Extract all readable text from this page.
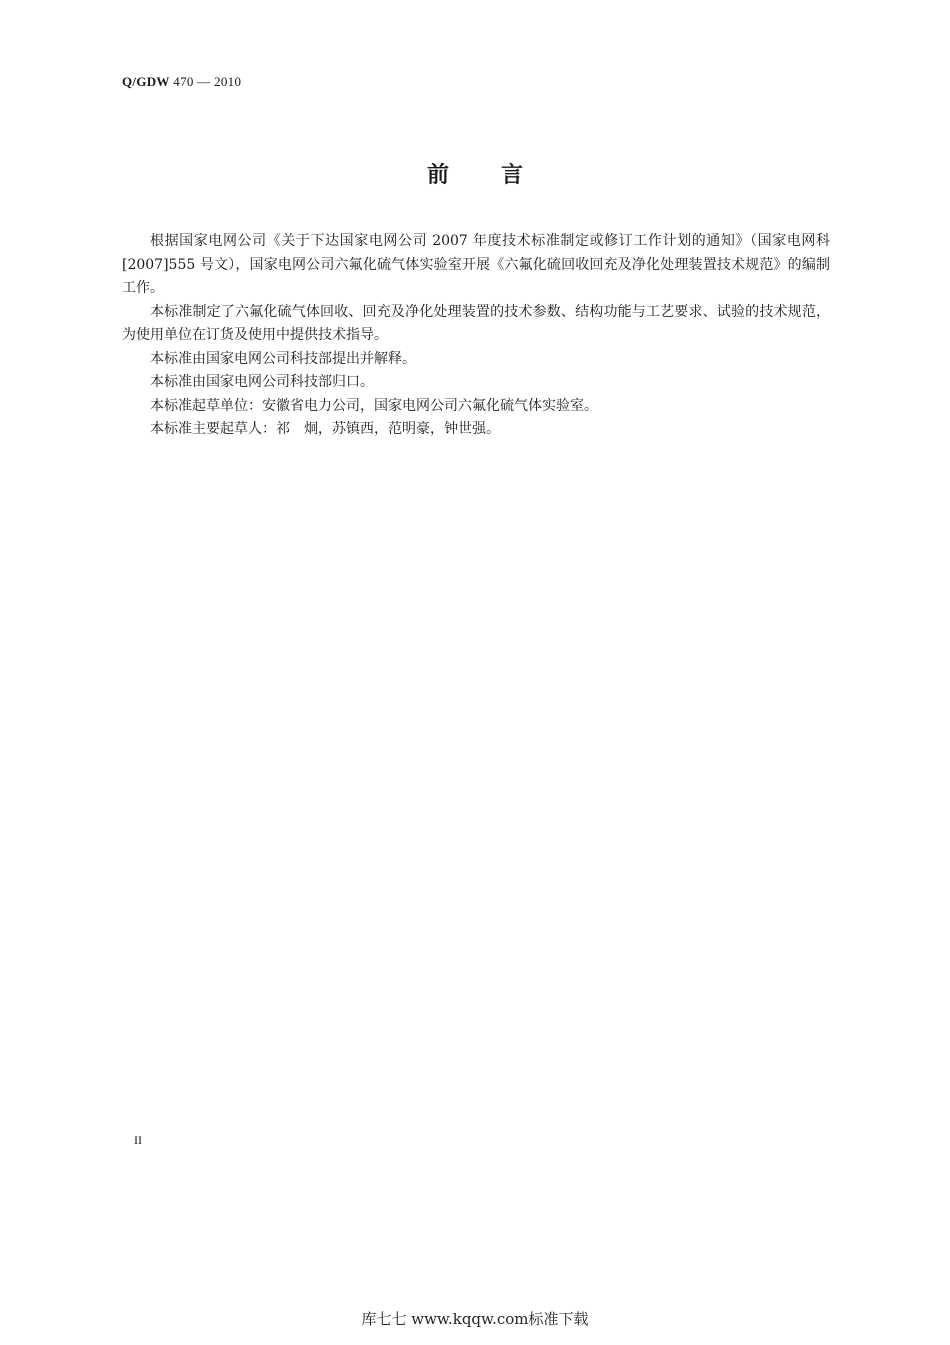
Q/GDW 470 — 2010
前言

根据国家电网公司《关于下达国家电网公司 2007 年度技术标准制定或修订工作计划的通知》（国家电网科[2007]555 号文），国家电网公司六氟化硫气体实验室开展《六氟化硫回收回充及净化处理装置技术规范》的编制工作。

本标准制定了六氟化硫气体回收、回充及净化处理装置的技术参数、结构功能与工艺要求、试验的技术规范，为使用单位在订货及使用中提供技术指导。

本标准由国家电网公司科技部提出并解释。

本标准由国家电网公司科技部归口。

本标准起草单位：安徽省电力公司，国家电网公司六氟化硫气体实验室。

本标准主要起草人：祁　炯，苏镇西，范明豪，钟世强。

II
库七七 www.kqqw.com标准下载
